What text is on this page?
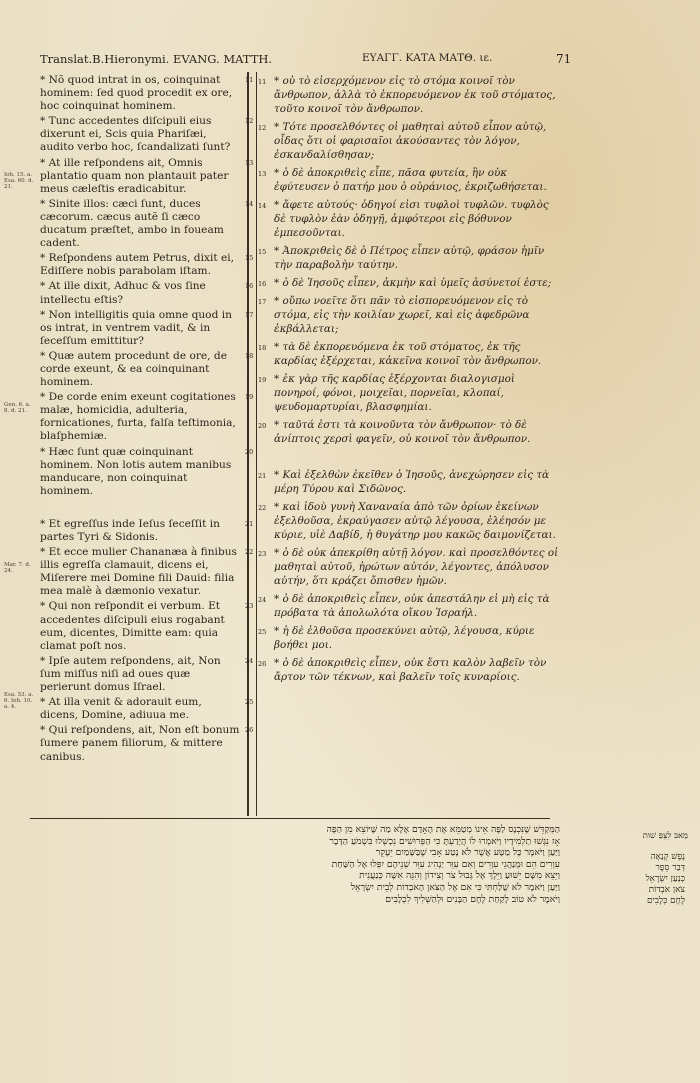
Translat.B.Hieronymi. EVANG. MATTH.	ΕΥΑΓΓ. ΚΑΤΑ ΜΑΤΘ. ιε.	71
Ioh. 15. a. Esa. 60. d. 21.
Gen. 6. a. 8. d. 21.
Mar. 7. d. 24.
Esa. 53. a. 6. Ioh. 10. a. 4.
11
* Nõ quod intrat in os, coinquinat hominem: ſed quod procedit ex ore, hoc coinquinat hominem.
12
* Tunc accedentes diſcipuli eius dixerunt ei, Scis quia Phariſæi, audito verbo hoc, ſcandalizati ſunt?
13
* At ille reſpondens ait, Omnis plantatio quam non plantauit pater meus cæleſtis eradicabitur.
14
* Sinite illos: cæci ſunt, duces cæcorum. cæcus autẽ ſi cæco ducatum præſtet, ambo in foueam cadent.
15
* Reſpondens autem Petrus, dixit ei, Ediſſere nobis parabolam iſtam.
16
* At ille dixit, Adhuc & vos ſine intellectu eſtis?
17
* Non intelligitis quia omne quod in os intrat, in ventrem vadit, & in ſeceſſum emittitur?
18
* Quæ autem procedunt de ore, de corde exeunt, & ea coinquinant hominem.
19
* De corde enim exeunt cogitationes malæ, homicidia, adulteria, fornicationes, furta, falſa teſtimonia, blaſphemiæ.
20
* Hæc ſunt quæ coinquinant hominem. Non lotis autem manibus manducare, non coinquinat hominem.
21
* Et egreſſus inde Ieſus ſeceſſit in partes Tyri & Sidonis.
22
* Et ecce mulier Chananæa à finibus illis egreſſa clamauit, dicens ei, Miſerere mei Domine fili Dauid: filia mea malè à dæmonio vexatur.
23
* Qui non reſpondit ei verbum. Et accedentes diſcipuli eius rogabant eum, dicentes, Dimitte eam: quia clamat poſt nos.
24
* Ipſe autem reſpondens, ait, Non ſum miſſus niſi ad oues quæ perierunt domus Iſrael.
25
* At illa venit & adorauit eum, dicens, Domine, adiuua me.
26
* Qui reſpondens, ait, Non eſt bonum ſumere panem filiorum, & mittere canibus.
11 * οὐ τὸ εἰσερχόμενον εἰς τὸ στόμα κοινοῖ τὸν ἄνθρωπον, ἀλλὰ τὸ ἐκπορευόμενον ἐκ τοῦ στόματος, τοῦτο κοινοῖ τὸν ἄνθρωπον.
12 * Τότε προσελθόντες οἱ μαθηταὶ αὐτοῦ εἶπον αὐτῷ, οἶδας ὅτι οἱ φαρισαῖοι ἀκούσαντες τὸν λόγον, ἐσκανδαλίσθησαν;
13 * ὁ δὲ ἀποκριθεὶς εἶπε, πᾶσα φυτεία, ἣν οὐκ ἐφύτευσεν ὁ πατήρ μου ὁ οὐράνιος, ἐκριζωθήσεται.
14 * ἄφετε αὐτούς· ὁδηγοί εἰσι τυφλοὶ τυφλῶν. τυφλὸς δὲ τυφλὸν ἐὰν ὁδηγῇ, ἀμφότεροι εἰς βόθυνον ἐμπεσοῦνται.
15 * Ἀποκριθεὶς δὲ ὁ Πέτρος εἶπεν αὐτῷ, φράσον ἡμῖν τὴν παραβολὴν ταύτην.
16 * ὁ δὲ Ἰησοῦς εἶπεν, ἀκμὴν καὶ ὑμεῖς ἀσύνετοί ἐστε;
17 * οὔπω νοεῖτε ὅτι πᾶν τὸ εἰσπορευόμενον εἰς τὸ στόμα, εἰς τὴν κοιλίαν χωρεῖ, καὶ εἰς ἀφεδρῶνα ἐκβάλλεται;
18 * τὰ δὲ ἐκπορευόμενα ἐκ τοῦ στόματος, ἐκ τῆς καρδίας ἐξέρχεται, κἀκεῖνα κοινοῖ τὸν ἄνθρωπον.
19 * ἐκ γὰρ τῆς καρδίας ἐξέρχονται διαλογισμοὶ πονηροί, φόνοι, μοιχεῖαι, πορνεῖαι, κλοπαί, ψευδομαρτυρίαι, βλασφημίαι.
20 * ταῦτά ἐστι τὰ κοινοῦντα τὸν ἄνθρωπον· τὸ δὲ ἀνίπτοις χερσὶ φαγεῖν, οὐ κοινοῖ τὸν ἄνθρωπον.
21 * Καὶ ἐξελθὼν ἐκεῖθεν ὁ Ἰησοῦς, ἀνεχώρησεν εἰς τὰ μέρη Τύρου καὶ Σιδῶνος.
22 * καὶ ἰδοὺ γυνὴ Χαναναία ἀπὸ τῶν ὁρίων ἐκείνων ἐξελθοῦσα, ἐκραύγασεν αὐτῷ λέγουσα, ἐλέησόν με κύριε, υἱὲ Δαβίδ, ἡ θυγάτηρ μου κακῶς δαιμονίζεται.
23 * ὁ δὲ οὐκ ἀπεκρίθη αὐτῇ λόγον. καὶ προσελθόντες οἱ μαθηταὶ αὐτοῦ, ἠρώτων αὐτόν, λέγοντες, ἀπόλυσον αὐτήν, ὅτι κράζει ὄπισθεν ἡμῶν.
24 * ὁ δὲ ἀποκριθεὶς εἶπεν, οὐκ ἀπεστάλην εἰ μὴ εἰς τὰ πρόβατα τὰ ἀπολωλότα οἴκου Ἰσραήλ.
25 * ἡ δὲ ἐλθοῦσα προσεκύνει αὐτῷ, λέγουσα, κύριε βοήθει μοι.
26 * ὁ δὲ ἀποκριθεὶς εἶπεν, οὐκ ἔστι καλὸν λαβεῖν τὸν ἄρτον τῶν τέκνων, καὶ βαλεῖν τοῖς κυναρίοις.
הַמְּקַדֵּשׁ שֶׁנִּכְנָס לַפֶּה אֵינוֹ מְטַמֵּא אֶת הָאָדָם אֶלָּא מַה שֶּׁיּוֹצֵא מִן הַפֶּה
אָז נִגְּשׁוּ תַלְמִידָיו וַיֹּאמְרוּ לוֹ הֲיָדַעְתָּ כִּי הַפְּרוּשִׁים נִכְשְׁלוּ בִּשְׁמֹעַ הַדָּבָר
וַיַּעַן וַיֹּאמֶר כָּל מַטָּע אֲשֶׁר לֹא נָטַע אָבִי שֶׁבַּשָּׁמַיִם יֵעָקֵר
עִוְרִים הֵם וּמְנַהֲגֵי עִוְרִים וְאִם עִוֵּר יַנְהִיג עִוֵּר שְׁנֵיהֶם יִפְּלוּ אֶל הַשַּׁחַת
וַיֵּצֵא מִשָּׁם יֵשׁוּעַ וַיֵּלֶךְ אֶל גְּבוּל צֹר וְצִידוֹן וְהִנֵּה אִשָּׁה כְּנַעֲנִית
וַיַּעַן וַיֹּאמֶר לֹא שֻׁלַּחְתִּי כִּי אִם אֶל הַצֹּאן הָאֹבְדוֹת לְבֵית יִשְׂרָאֵל
וַיֹּאמֶר לֹא טוֹב לָקַחַת לֶחֶם הַבָּנִים וּלְהַשְׁלִיךְ לִכְלָבִים
מַאבּ לִצְּפַּ שׁוּת
נֶפֶשׁ קְנַאָה
דְּבַר סֵפֶר
כְּנַעַן יִשְׂרָאֵל
צֹאן אֹבְדוֹת
לֶחֶם כְּלָבִים
